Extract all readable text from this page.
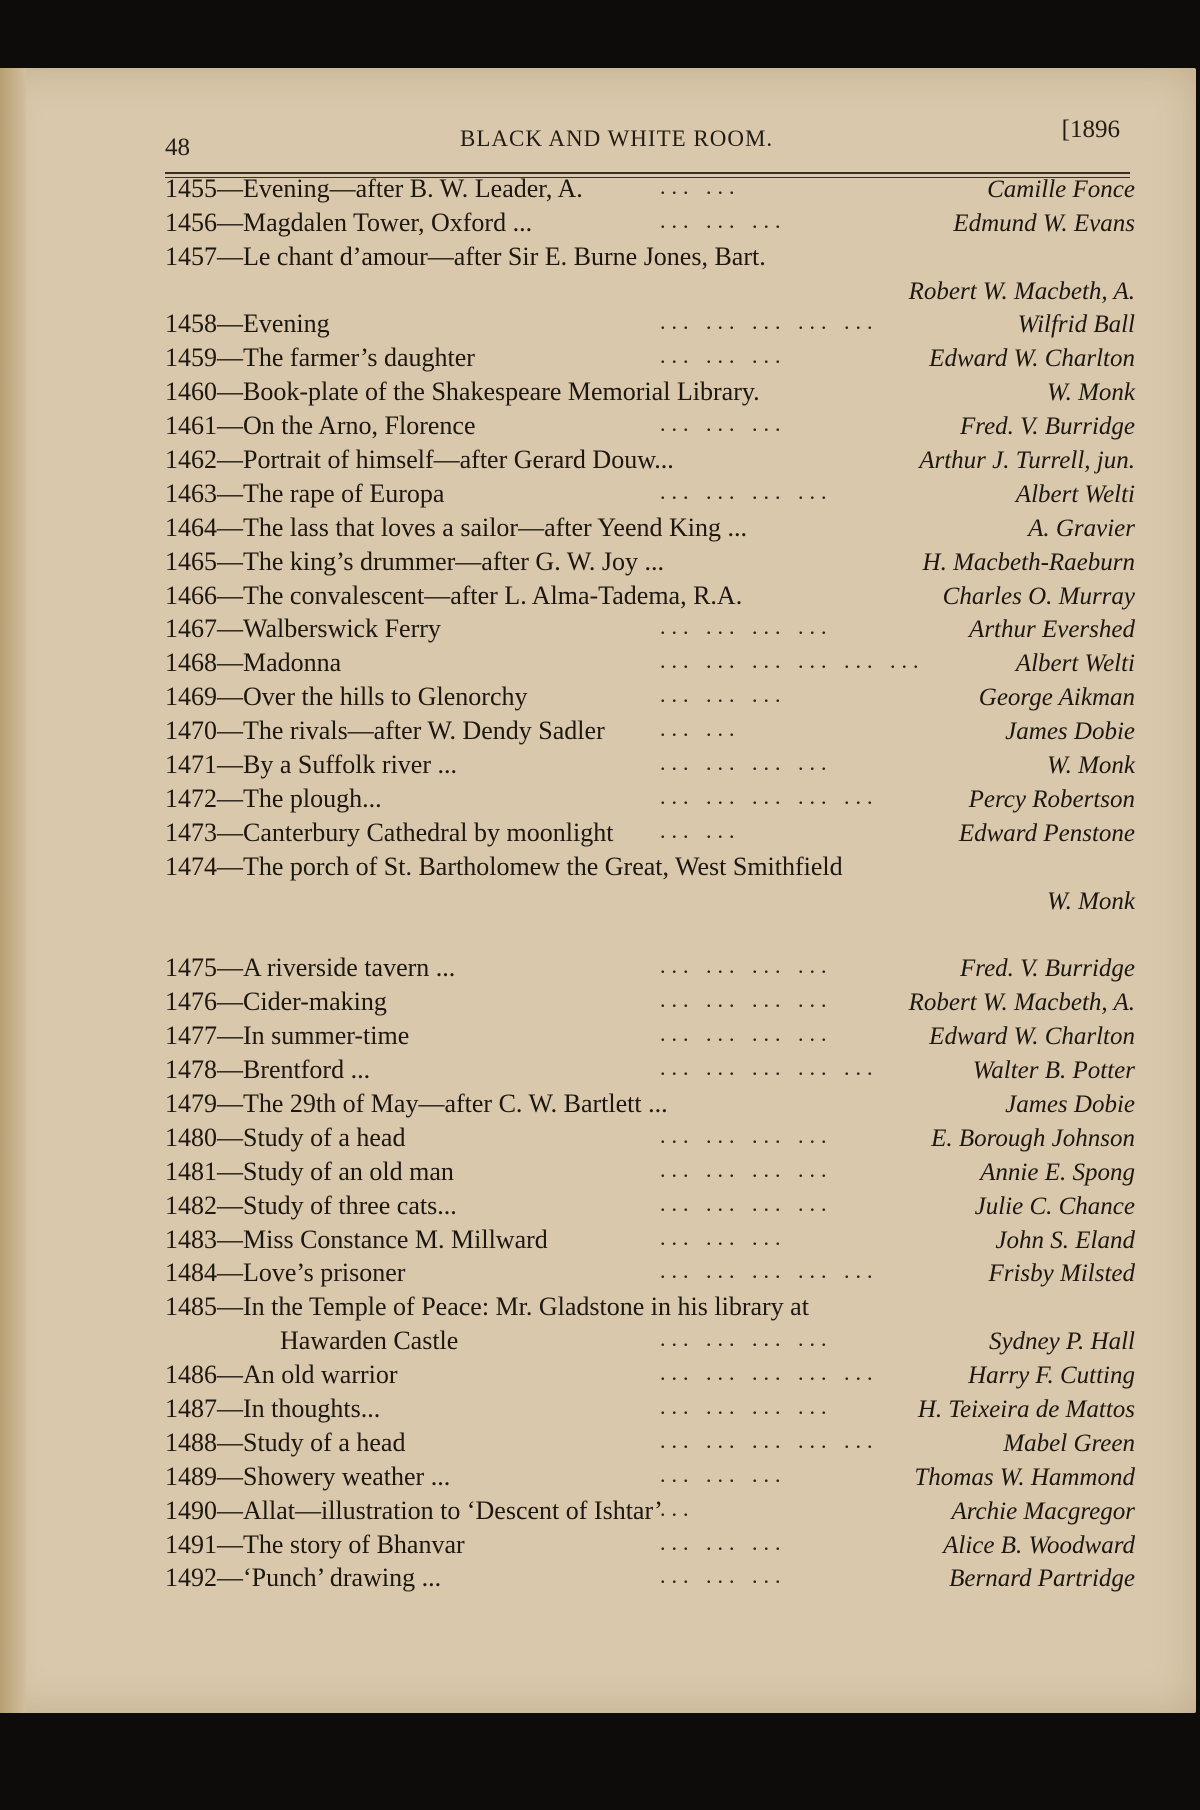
48	BLACK AND WHITE ROOM.	[1896
1455—Evening—after B. W. Leader, A.	... ...	Camille Fonce
1456—Magdalen Tower, Oxford ...	... ... ...	Edmund W. Evans
1457—Le chant d’amour—after Sir E. Burne Jones, Bart.
Robert W. Macbeth, A.
1458—Evening	... ... ... ... ...	Wilfrid Ball
1459—The farmer’s daughter	... ... ...	Edward W. Charlton
1460—Book-plate of the Shakespeare Memorial Library.	W. Monk
1461—On the Arno, Florence	... ... ...	Fred. V. Burridge
1462—Portrait of himself—after Gerard Douw...	Arthur J. Turrell, jun.
1463—The rape of Europa	... ... ... ...	Albert Welti
1464—The lass that loves a sailor—after Yeend King ...	A. Gravier
1465—The king’s drummer—after G. W. Joy ...	H. Macbeth-Raeburn
1466—The convalescent—after L. Alma-Tadema, R.A.	Charles O. Murray
1467—Walberswick Ferry	... ... ... ...	Arthur Evershed
1468—Madonna	... ... ... ... ... ...	Albert Welti
1469—Over the hills to Glenorchy	... ... ...	George Aikman
1470—The rivals—after W. Dendy Sadler	... ...	James Dobie
1471—By a Suffolk river ...	... ... ... ...	W. Monk
1472—The plough...	... ... ... ... ...	Percy Robertson
1473—Canterbury Cathedral by moonlight ... ...	Edward Penstone
1474—The porch of St. Bartholomew the Great, West Smithfield
W. Monk
1475—A riverside tavern ...	... ... ... ...	Fred. V. Burridge
1476—Cider-making	... ... ... ...	Robert W. Macbeth, A.
1477—In summer-time	... ... ... ...	Edward W. Charlton
1478—Brentford ...	... ... ... ... ...	Walter B. Potter
1479—The 29th of May—after C. W. Bartlett ...	James Dobie
1480—Study of a head	... ... ... ...	E. Borough Johnson
1481—Study of an old man	... ... ... ...	Annie E. Spong
1482—Study of three cats...	... ... ... ...	Julie C. Chance
1483—Miss Constance M. Millward	... ... ...	John S. Eland
1484—Love’s prisoner	... ... ... ... ...	Frisby Milsted
1485—In the Temple of Peace: Mr. Gladstone in his library at
Hawarden Castle	... ... ... ...	Sydney P. Hall
1486—An old warrior	... ... ... ... ...	Harry F. Cutting
1487—In thoughts...	... ... ... ...	H. Teixeira de Mattos
1488—Study of a head	... ... ... ... ...	Mabel Green
1489—Showery weather ...	... ... ...	Thomas W. Hammond
1490—Allat—illustration to ‘Descent of Ishtar’
...	Archie Macgregor
1491—The story of Bhanvar	... ... ...	Alice B. Woodward
1492—‘Punch’ drawing ...	... ... ...	Bernard Partridge
